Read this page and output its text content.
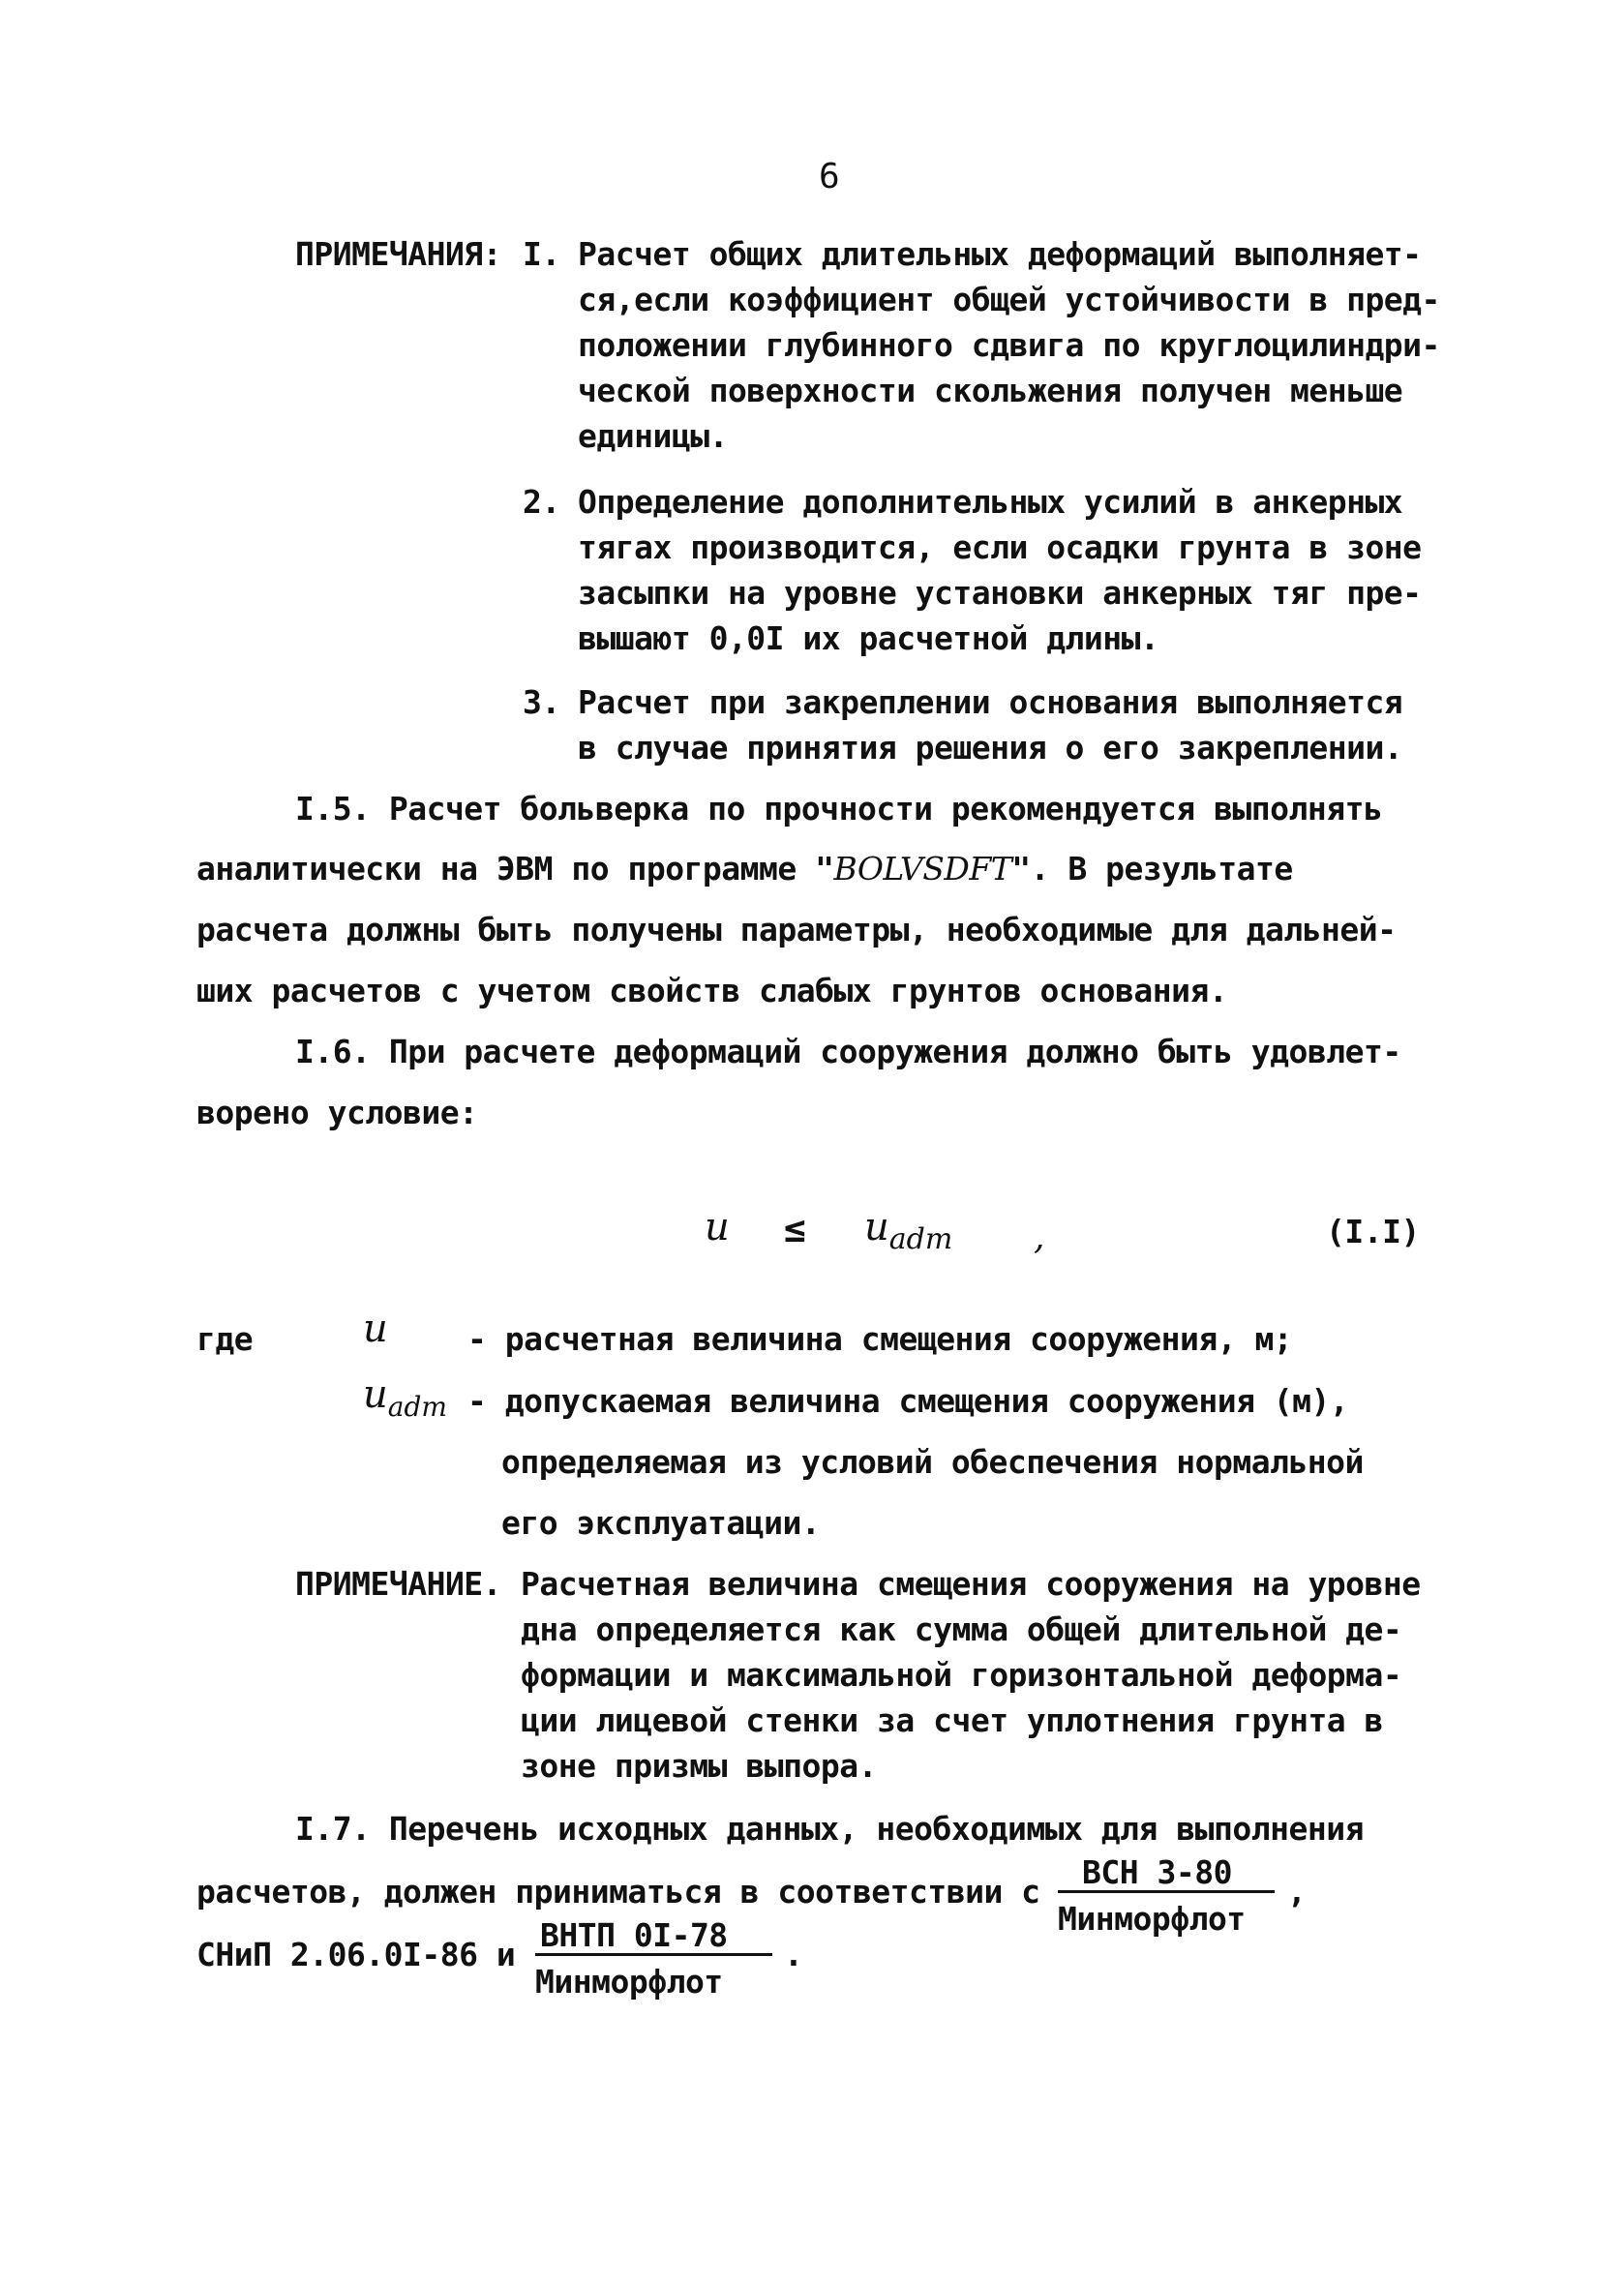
6
ПРИМЕЧАНИЯ: I. Расчет общих длительных деформаций выполняет-
ся,если коэффициент общей устойчивости в пред-
положении глубинного сдвига по круглоцилиндри-
ческой поверхности скольжения получен меньше
единицы.
2. Определение дополнительных усилий в анкерных
тягах производится, если осадки грунта в зоне
засыпки на уровне установки анкерных тяг пре-
вышают 0,0I их расчетной длины.
3. Расчет при закреплении основания выполняется
в случае принятия решения о его закреплении.
I.5. Расчет больверка по прочности рекомендуется выполнять
аналитически на ЭВМ по программе "BOLVSDFT". В результате
расчета должны быть получены параметры, необходимые для дальней-
ших расчетов с учетом свойств слабых грунтов основания.
I.6. При расчете деформаций сооружения должно быть удовлет-
ворено условие:
$u \le u_{adm}$ ,	(I.I)
где	u - расчетная величина смещения сооружения, м;
$u_{adm}$ - допускаемая величина смещения сооружения (м),
определяемая из условий обеспечения нормальной
его эксплуатации.
ПРИМЕЧАНИЕ. Расчетная величина смещения сооружения на уровне
дна определяется как сумма общей длительной де-
формации и максимальной горизонтальной деформа-
ции лицевой стенки за счет уплотнения грунта в
зоне призмы выпора.
I.7. Перечень исходных данных, необходимых для выполнения
расчетов, должен приниматься в соответствии с
ВСН 3-80
Минморфлот
,
СНиП 2.06.0I-86 и
ВНТП 0I-78
Минморфлот
.
